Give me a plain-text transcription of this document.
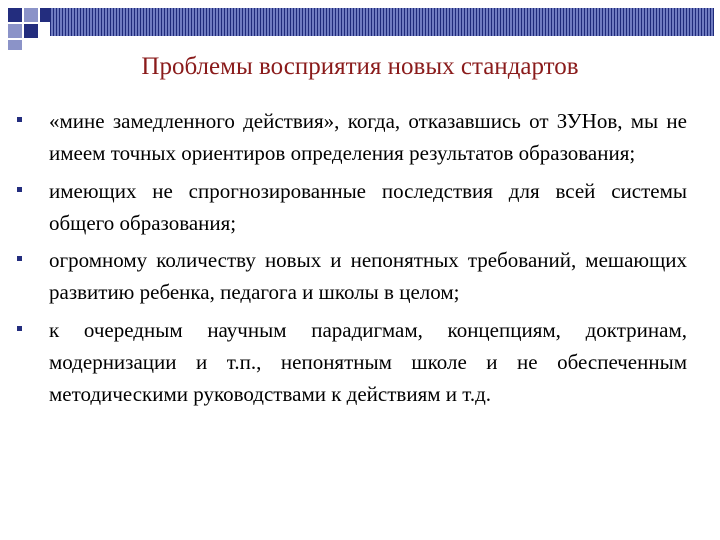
Проблемы восприятия новых стандартов
«мине замедленного действия», когда, отказавшись от ЗУНов, мы не имеем точных ориентиров определения результатов образования;
имеющих не спрогнозированные последствия для всей системы общего образования;
огромному количеству новых и непонятных требований, мешающих развитию ребенка, педагога и школы в целом;
к очередным научным парадигмам, концепциям, доктринам, модернизации и т.п., непонятным школе и не обеспеченным методическими руководствами к действиям и т.д.
